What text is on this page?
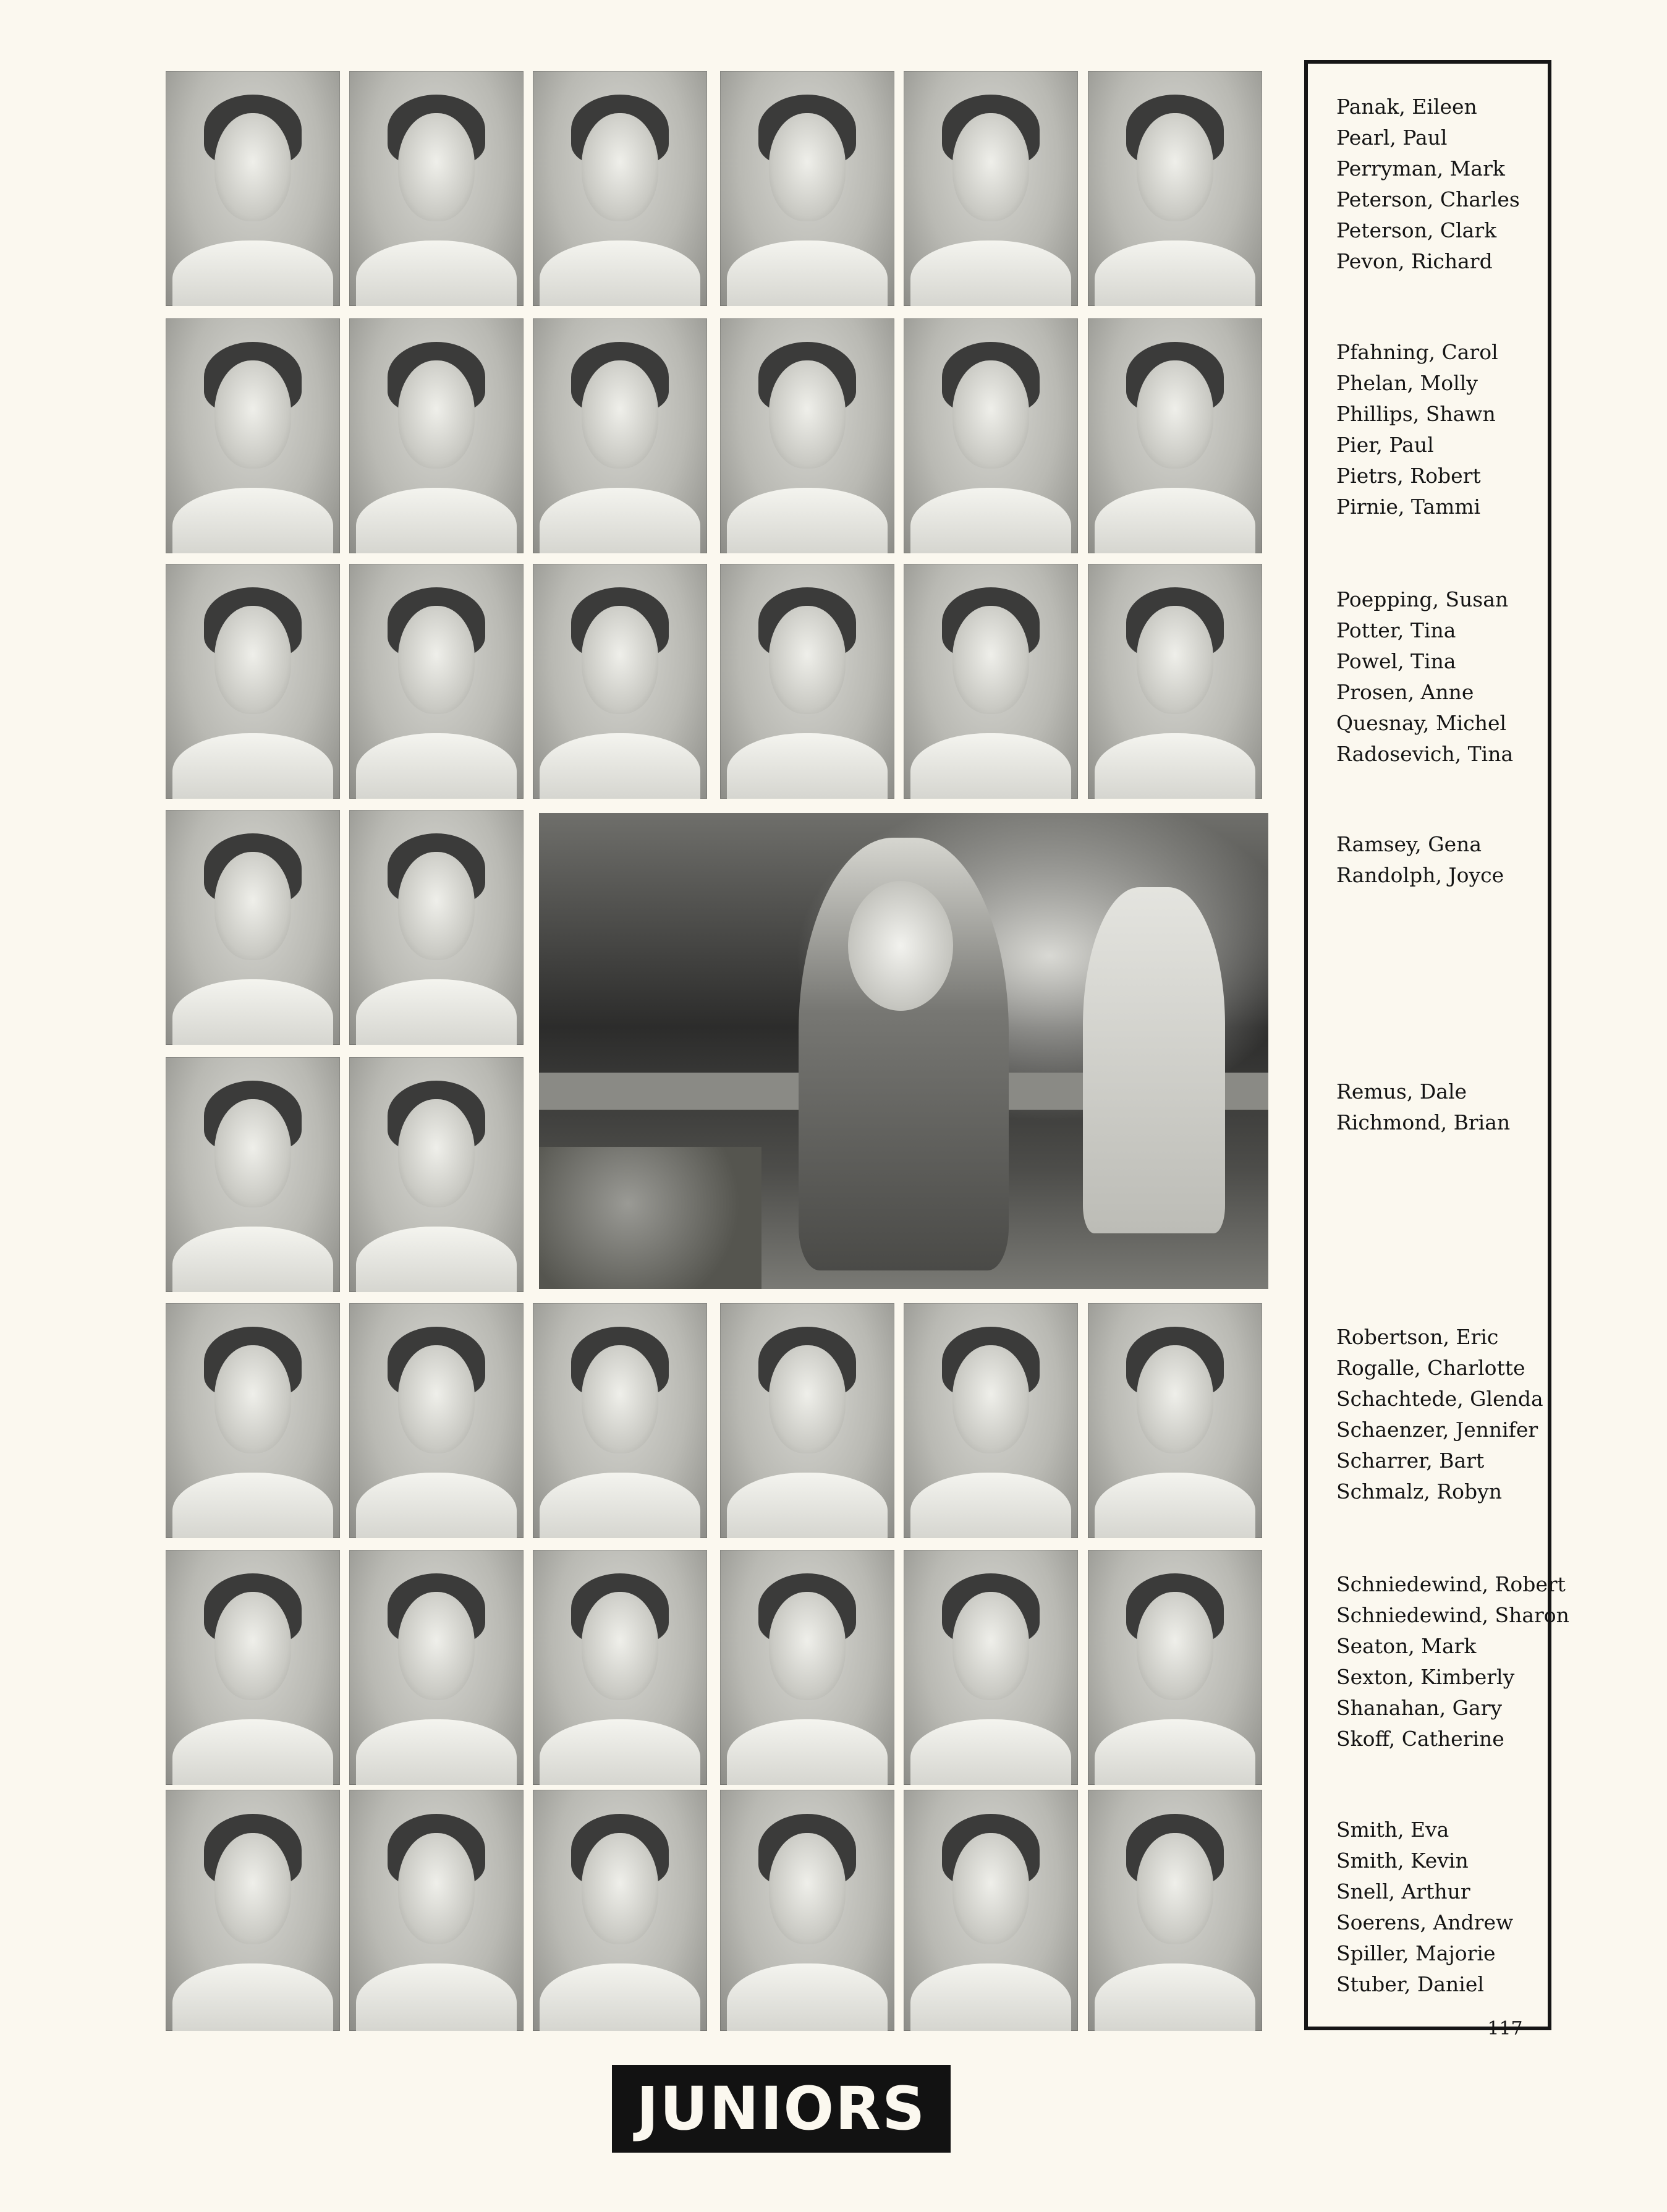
Panak, Eileen
Pearl, Paul
Perryman, Mark
Peterson, Charles
Peterson, Clark
Pevon, Richard
Pfahning, Carol
Phelan, Molly
Phillips, Shawn
Pier, Paul
Pietrs, Robert
Pirnie, Tammi
Poepping, Susan
Potter, Tina
Powel, Tina
Prosen, Anne
Quesnay, Michel
Radosevich, Tina
Ramsey, Gena
Randolph, Joyce
Remus, Dale
Richmond, Brian
Robertson, Eric
Rogalle, Charlotte
Schachtede, Glenda
Schaenzer, Jennifer
Scharrer, Bart
Schmalz, Robyn
Schniedewind, Robert
Schniedewind, Sharon
Seaton, Mark
Sexton, Kimberly
Shanahan, Gary
Skoff, Catherine
Smith, Eva
Smith, Kevin
Snell, Arthur
Soerens, Andrew
Spiller, Majorie
Stuber, Daniel
JUNIORS
117
